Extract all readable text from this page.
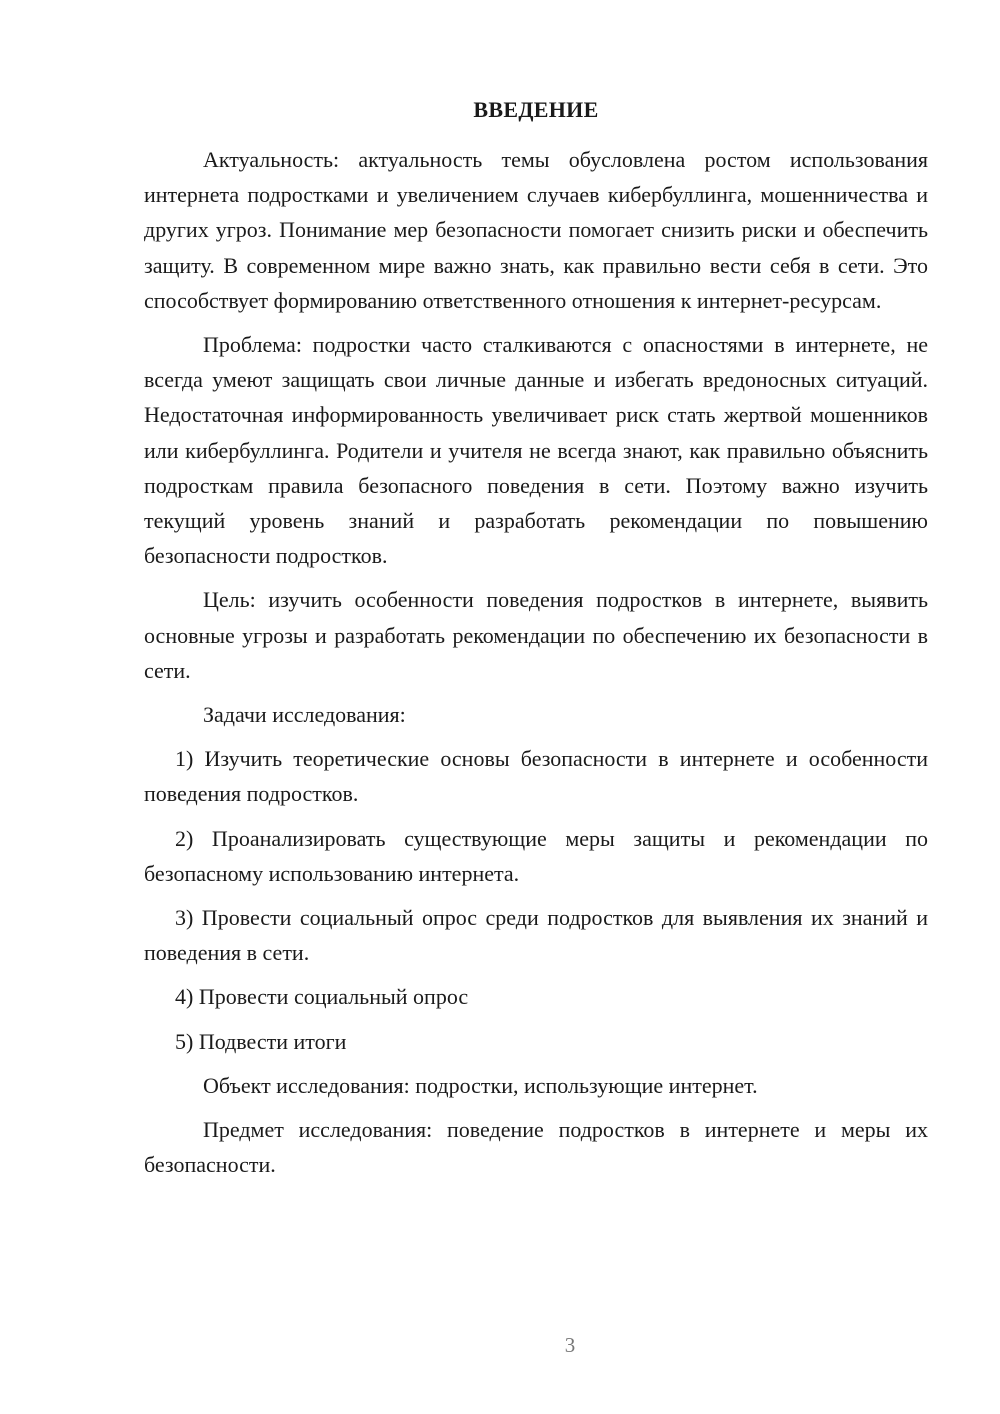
ВВЕДЕНИЕ

Актуальность: актуальность темы обусловлена ростом использования интернета подростками и увеличением случаев кибербуллинга, мошенничества и других угроз. Понимание мер безопасности помогает снизить риски и обеспечить защиту. В современном мире важно знать, как правильно вести себя в сети. Это способствует формированию ответственного отношения к интернет-ресурсам.

Проблема: подростки часто сталкиваются с опасностями в интернете, не всегда умеют защищать свои личные данные и избегать вредоносных ситуаций. Недостаточная информированность увеличивает риск стать жертвой мошенников или кибербуллинга. Родители и учителя не всегда знают, как правильно объяснить подросткам правила безопасного поведения в сети. Поэтому важно изучить текущий уровень знаний и разработать рекомендации по повышению безопасности подростков.

Цель: изучить особенности поведения подростков в интернете, выявить основные угрозы и разработать рекомендации по обеспечению их безопасности в сети.

Задачи исследования:

1) Изучить теоретические основы безопасности в интернете и особенности поведения подростков.

2) Проанализировать существующие меры защиты и рекомендации по безопасному использованию интернета.

3) Провести социальный опрос среди подростков для выявления их знаний и поведения в сети.

4) Провести социальный опрос

5) Подвести итоги

Объект исследования: подростки, использующие интернет.

Предмет исследования: поведение подростков в интернете и меры их безопасности.

3
